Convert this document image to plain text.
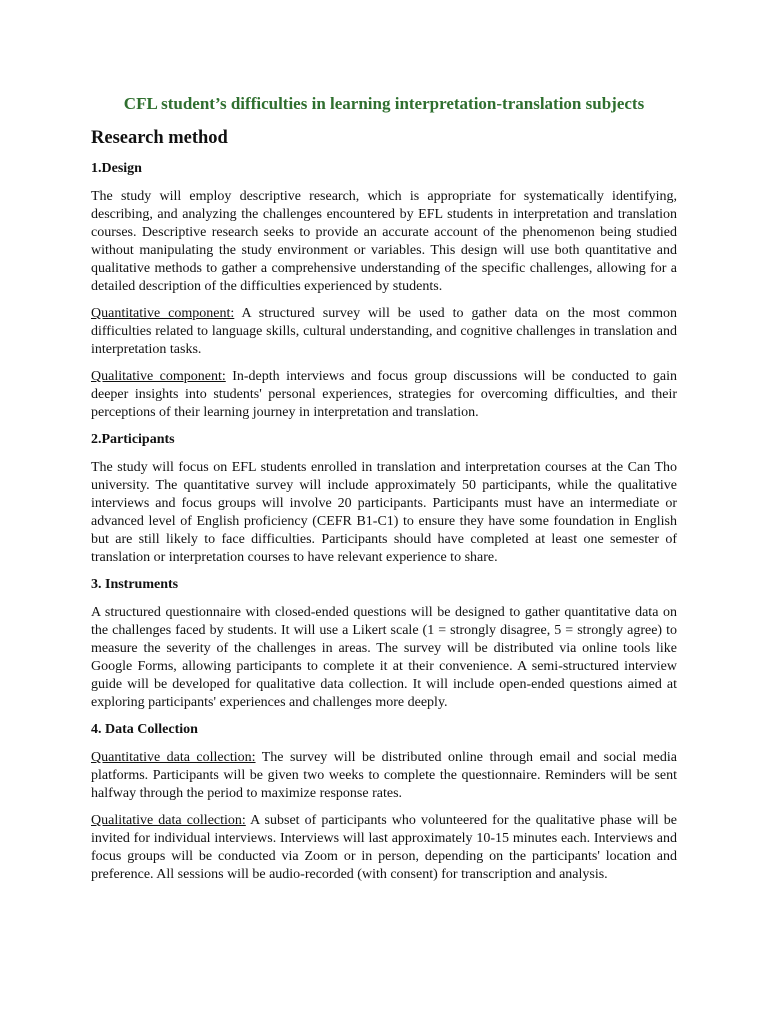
CFL student’s difficulties in learning interpretation-translation subjects
Research method
1.Design

The study will employ descriptive research, which is appropriate for systematically identifying, describing, and analyzing the challenges encountered by EFL students in interpretation and translation courses. Descriptive research seeks to provide an accurate account of the phenomenon being studied without manipulating the study environment or variables. This design will use both quantitative and qualitative methods to gather a comprehensive understanding of the specific challenges, allowing for a detailed description of the difficulties experienced by students.

Quantitative component: A structured survey will be used to gather data on the most common difficulties related to language skills, cultural understanding, and cognitive challenges in translation and interpretation tasks.

Qualitative component: In-depth interviews and focus group discussions will be conducted to gain deeper insights into students' personal experiences, strategies for overcoming difficulties, and their perceptions of their learning journey in interpretation and translation.

2.Participants

The study will focus on EFL students enrolled in translation and interpretation courses at the Can Tho university. The quantitative survey will include approximately 50 participants, while the qualitative interviews and focus groups will involve 20 participants. Participants must have an intermediate or advanced level of English proficiency (CEFR B1-C1) to ensure they have some foundation in English but are still likely to face difficulties. Participants should have completed at least one semester of translation or interpretation courses to have relevant experience to share.

3. Instruments

A structured questionnaire with closed-ended questions will be designed to gather quantitative data on the challenges faced by students. It will use a Likert scale (1 = strongly disagree, 5 = strongly agree) to measure the severity of the challenges in areas. The survey will be distributed via online tools like Google Forms, allowing participants to complete it at their convenience. A semi-structured interview guide will be developed for qualitative data collection. It will include open-ended questions aimed at exploring participants' experiences and challenges more deeply.

4. Data Collection

Quantitative data collection: The survey will be distributed online through email and social media platforms. Participants will be given two weeks to complete the questionnaire. Reminders will be sent halfway through the period to maximize response rates.

Qualitative data collection: A subset of participants who volunteered for the qualitative phase will be invited for individual interviews. Interviews will last approximately 10-15 minutes each. Interviews and focus groups will be conducted via Zoom or in person, depending on the participants' location and preference. All sessions will be audio-recorded (with consent) for transcription and analysis.
